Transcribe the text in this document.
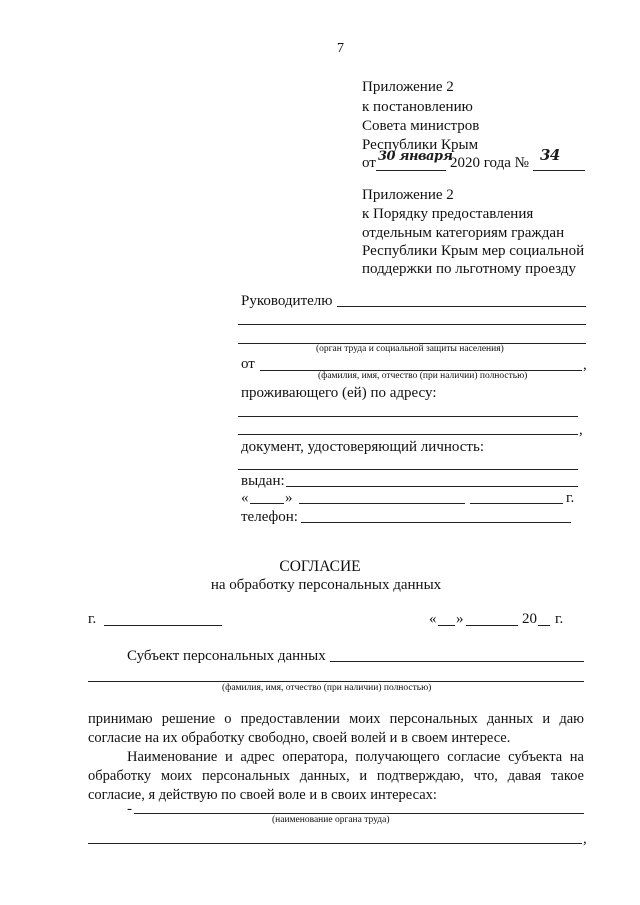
7
Приложение 2
к постановлению
Совета министров
Республики Крым
от 30 января
2020 года № 34
Приложение 2
к Порядку предоставления
отдельным категориям граждан
Республики Крым мер социальной
поддержки по льготному проезду
Руководителю
(орган труда и социальной защиты населения)
от	,
(фамилия, имя, отчество (при наличии) полностью)
проживающего (ей) по адресу:
,
документ, удостоверяющий личность:
выдан:
« »	г.
телефон:
СОГЛАСИЕ
на обработку персональных данных
г.	« »	20 г.
Субъект персональных данных
(фамилия, имя, отчество (при наличии) полностью)
принимаю решение о предоставлении моих персональных данных и даю
согласие на их обработку свободно, своей волей и в своем интересе.
Наименование и адрес оператора, получающего согласие субъекта на
обработку моих персональных данных, и подтверждаю, что, давая такое
согласие, я действую по своей воле и в своих интересах:
-
(наименование органа труда)
,
